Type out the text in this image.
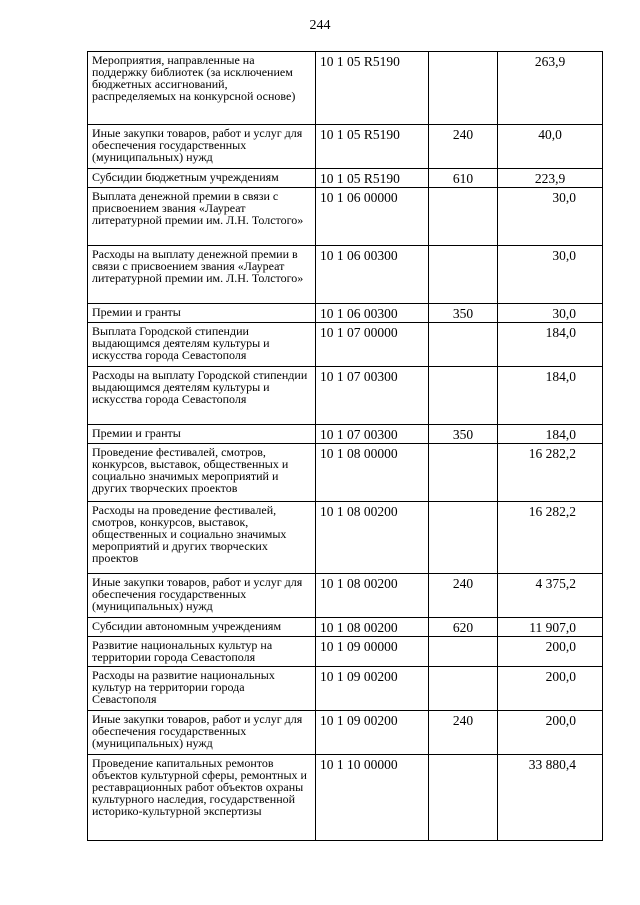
244
Мероприятия, направленные на поддержку библиотек (за исключением бюджетных ассигнований, распределяемых на конкурсной основе)	10 1 05 R5190		263,9
Иные закупки товаров, работ и услуг для обеспечения государственных (муниципальных) нужд	10 1 05 R5190	240	40,0
Субсидии бюджетным учреждениям	10 1 05 R5190	610	223,9
Выплата денежной премии в связи с присвоением звания «Лауреат литературной премии им. Л.Н. Толстого»	10 1 06 00000		30,0
Расходы на выплату денежной премии в связи с присвоением звания «Лауреат литературной премии им. Л.Н. Толстого»	10 1 06 00300		30,0
Премии и гранты	10 1 06 00300	350	30,0
Выплата Городской стипендии выдающимся деятелям культуры и искусства города Севастополя	10 1 07 00000		184,0
Расходы на выплату Городской стипендии выдающимся деятелям культуры и искусства города Севастополя	10 1 07 00300		184,0
Премии и гранты	10 1 07 00300	350	184,0
Проведение фестивалей, смотров, конкурсов, выставок, общественных и социально значимых мероприятий и других творческих проектов	10 1 08 00000		16 282,2
Расходы на проведение фестивалей, смотров, конкурсов, выставок, общественных и социально значимых мероприятий и других творческих проектов	10 1 08 00200		16 282,2
Иные закупки товаров, работ и услуг для обеспечения государственных (муниципальных) нужд	10 1 08 00200	240	4 375,2
Субсидии автономным учреждениям	10 1 08 00200	620	11 907,0
Развитие национальных культур на территории города Севастополя	10 1 09 00000		200,0
Расходы на развитие национальных культур на территории города Севастополя	10 1 09 00200		200,0
Иные закупки товаров, работ и услуг для обеспечения государственных (муниципальных) нужд	10 1 09 00200	240	200,0
Проведение капитальных ремонтов объектов культурной сферы, ремонтных и реставрационных работ объектов охраны культурного наследия, государственной историко-культурной экспертизы	10 1 10 00000		33 880,4
